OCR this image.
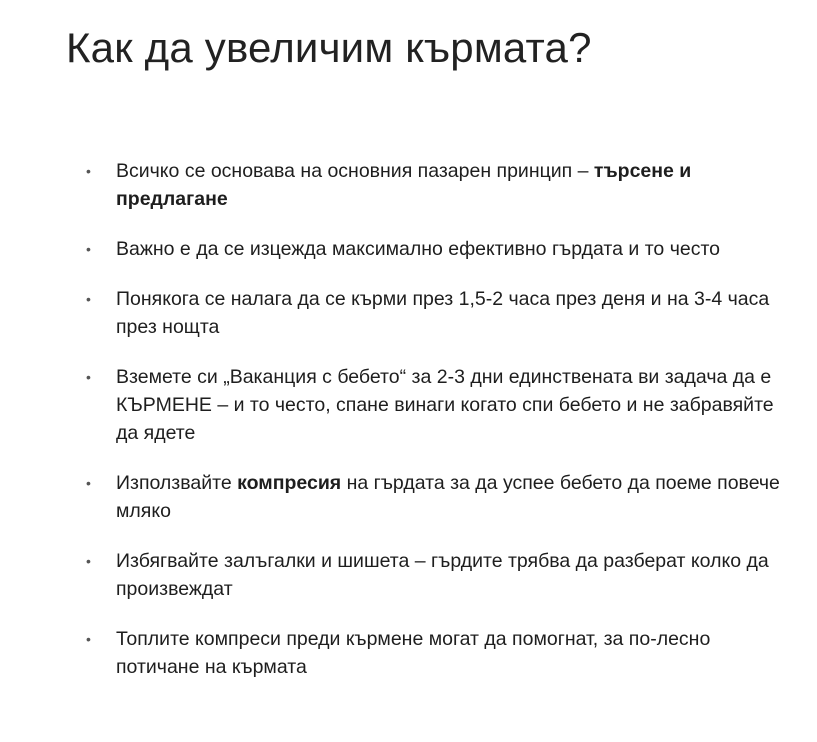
Как да увеличим кърмата?
• Всичко се основава на основния пазарен принцип – търсене и предлагане
• Важно е да се изцежда максимално ефективно гърдата и то често
• Понякога се налага да се кърми през 1,5-2 часа през деня и на 3-4 часа през нощта
• Вземете си „Ваканция с бебето“ за 2-3 дни единствената ви задача да е КЪРМЕНЕ – и то често, спане винаги когато спи бебето и не забравяйте да ядете
• Използвайте компресия на гърдата за да успее бебето да поеме повече мляко
• Избягвайте залъгалки и шишета – гърдите трябва да разберат колко да произвеждат
• Топлите компреси преди кърмене могат да помогнат, за по-лесно потичане на кърмата
